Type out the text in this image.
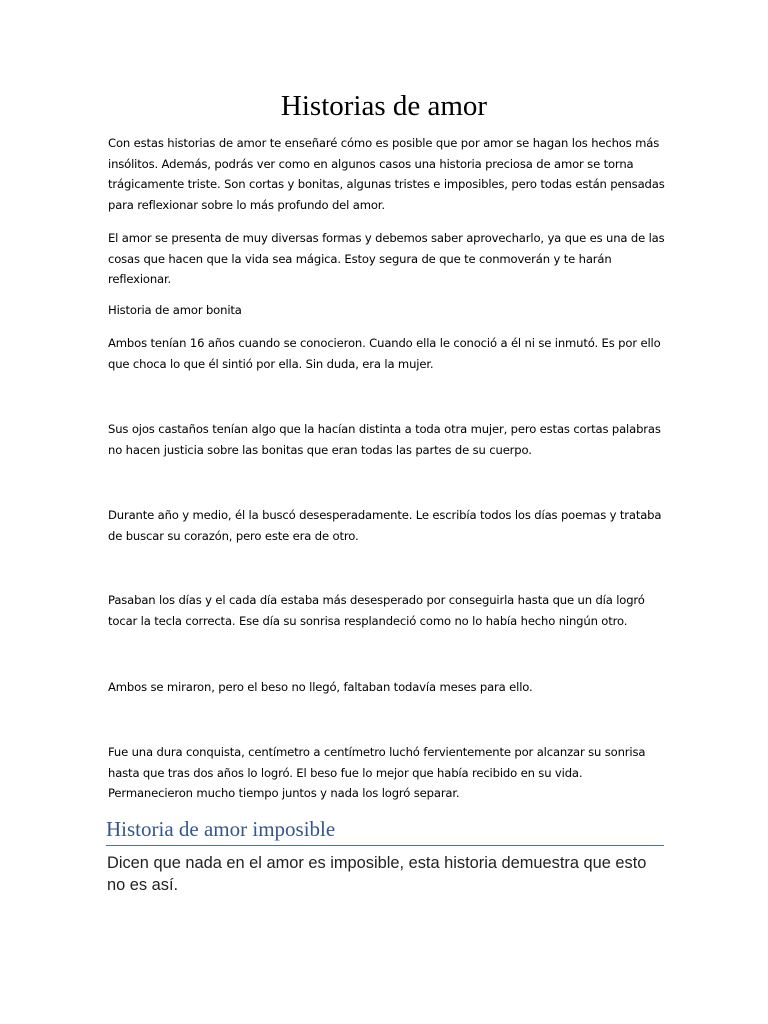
Historias de amor

Con estas historias de amor te enseñaré cómo es posible que por amor se hagan los hechos más insólitos. Además, podrás ver como en algunos casos una historia preciosa de amor se torna trágicamente triste. Son cortas y bonitas, algunas tristes e imposibles, pero todas están pensadas para reflexionar sobre lo más profundo del amor.

El amor se presenta de muy diversas formas y debemos saber aprovecharlo, ya que es una de las cosas que hacen que la vida sea mágica. Estoy segura de que te conmoverán y te harán reflexionar.

Historia de amor bonita

Ambos tenían 16 años cuando se conocieron. Cuando ella le conoció a él ni se inmutó. Es por ello que choca lo que él sintió por ella. Sin duda, era la mujer.

Sus ojos castaños tenían algo que la hacían distinta a toda otra mujer, pero estas cortas palabras no hacen justicia sobre las bonitas que eran todas las partes de su cuerpo.

Durante año y medio, él la buscó desesperadamente. Le escribía todos los días poemas y trataba de buscar su corazón, pero este era de otro.

Pasaban los días y el cada día estaba más desesperado por conseguirla hasta que un día logró tocar la tecla correcta. Ese día su sonrisa resplandeció como no lo había hecho ningún otro.

Ambos se miraron, pero el beso no llegó, faltaban todavía meses para ello.

Fue una dura conquista, centímetro a centímetro luchó fervientemente por alcanzar su sonrisa hasta que tras dos años lo logró. El beso fue lo mejor que había recibido en su vida. Permanecieron mucho tiempo juntos y nada los logró separar.

Historia de amor imposible

Dicen que nada en el amor es imposible, esta historia demuestra que esto no es así.
